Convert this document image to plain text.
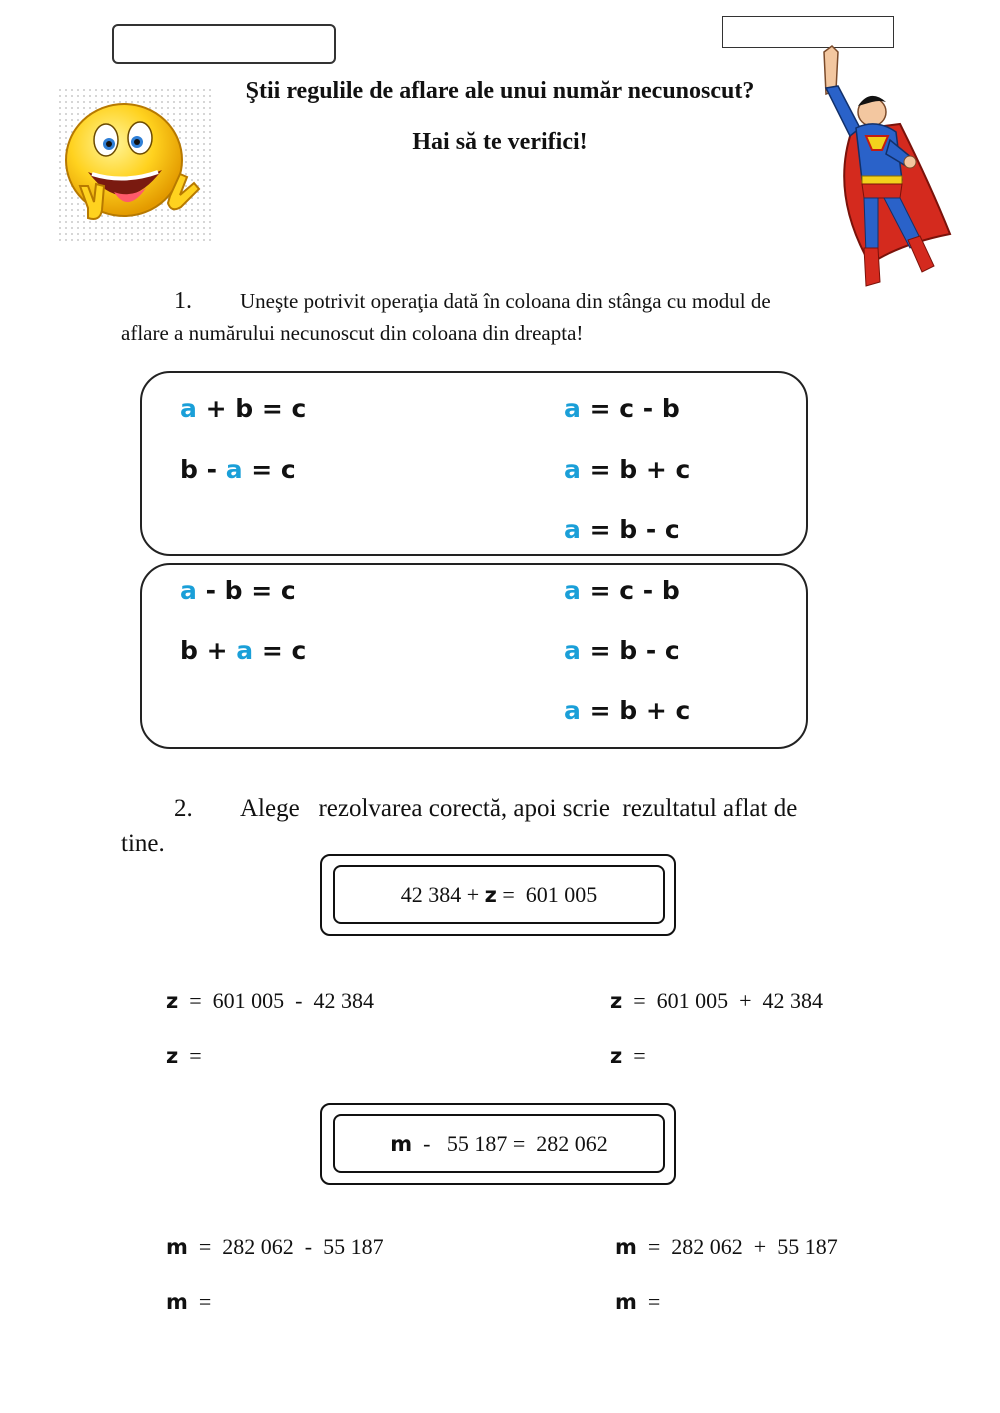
Ştii regulile de aflare ale unui număr necunoscut?
Hai să te verifici!
1. Uneşte potrivit operaţia dată în coloana din stânga cu modul de
aflare a numărului necunoscut din coloana din dreapta!
a + b = c
b - a = c
a = c - b
a = b + c
a = b - c
a - b = c
b + a = c
a = c - b
a = b - c
a = b + c
2. Alege   rezolvarea corectă, apoi scrie  rezultatul aflat de
tine.
42 384 + z =  601 005
z =  601 005  -  42 384	z =  601 005  +  42 384
z =	z =
m -   55 187 =  282 062
m =  282 062  -  55 187	m =  282 062  +  55 187
m =	m =
